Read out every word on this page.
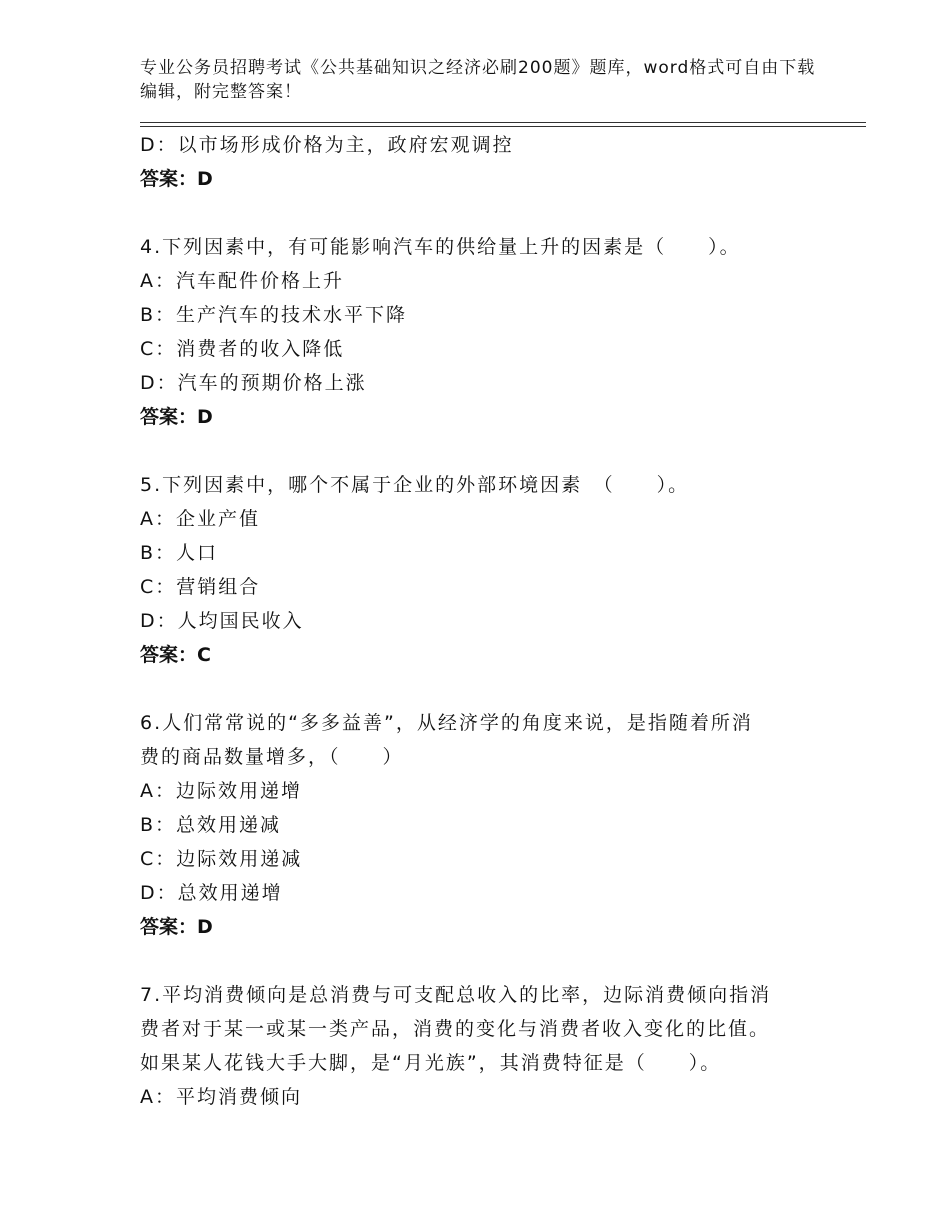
专业公务员招聘考试《公共基础知识之经济必刷200题》题库，word格式可自由下载编辑，附完整答案！

D：以市场形成价格为主，政府宏观调控

答案：D

4.下列因素中，有可能影响汽车的供给量上升的因素是（　　）。

A：汽车配件价格上升

B：生产汽车的技术水平下降

C：消费者的收入降低

D：汽车的预期价格上涨

答案：D

5.下列因素中，哪个不属于企业的外部环境因素　（　　）。

A：企业产值

B：人口

C：营销组合

D：人均国民收入

答案：C

6.人们常常说的“多多益善”，从经济学的角度来说，是指随着所消

费的商品数量增多，（　　）

A：边际效用递增

B：总效用递减

C：边际效用递减

D：总效用递增

答案：D

7.平均消费倾向是总消费与可支配总收入的比率，边际消费倾向指消

费者对于某一或某一类产品，消费的变化与消费者收入变化的比值。

如果某人花钱大手大脚，是“月光族”，其消费特征是（　　）。

A：平均消费倾向
